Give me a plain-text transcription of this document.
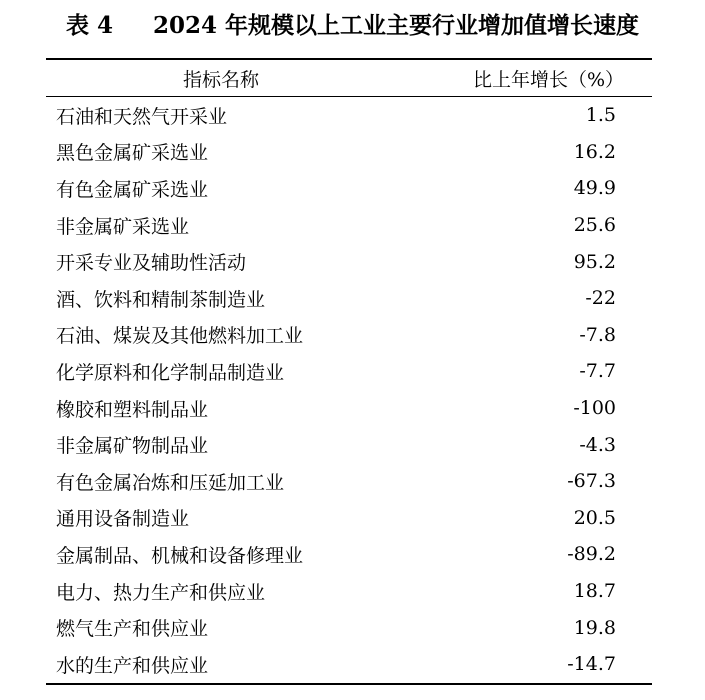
表 4 2024 年规模以上工业主要行业增加值增长速度
指标名称	比上年增长（%）
石油和天然气开采业	1.5
黑色金属矿采选业	16.2
有色金属矿采选业	49.9
非金属矿采选业	25.6
开采专业及辅助性活动	95.2
酒、饮料和精制茶制造业	-22
石油、煤炭及其他燃料加工业	-7.8
化学原料和化学制品制造业	-7.7
橡胶和塑料制品业	-100
非金属矿物制品业	-4.3
有色金属冶炼和压延加工业	-67.3
通用设备制造业	20.5
金属制品、机械和设备修理业	-89.2
电力、热力生产和供应业	18.7
燃气生产和供应业	19.8
水的生产和供应业	-14.7
